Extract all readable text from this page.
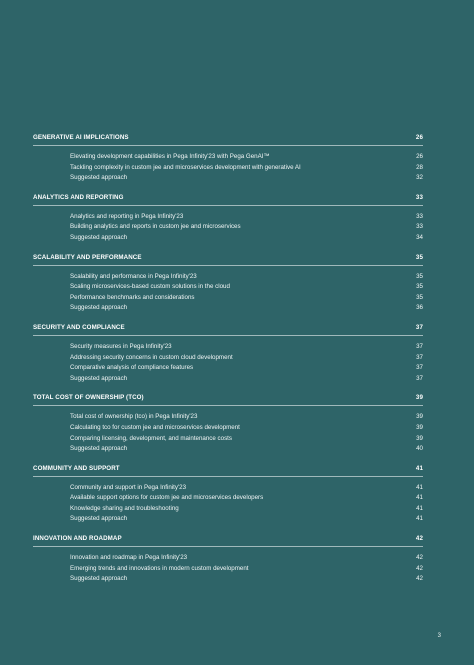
GENERATIVE AI IMPLICATIONS	26
Elevating development capabilities in Pega Infinity'23 with Pega GenAI™	26
Tackling complexity in custom jee and microservices development with generative AI	28
Suggested approach	32
ANALYTICS AND REPORTING	33
Analytics and reporting in Pega Infinity'23	33
Building analytics and reports in custom jee and microservices	33
Suggested approach	34
SCALABILITY AND PERFORMANCE	35
Scalability and performance in Pega Infinity'23	35
Scaling microservices-based custom solutions in the cloud	35
Performance benchmarks and considerations	35
Suggested approach	36
SECURITY AND COMPLIANCE	37
Security measures in Pega Infinity'23	37
Addressing security concerns in custom cloud development	37
Comparative analysis of compliance features	37
Suggested approach	37
TOTAL COST OF OWNERSHIP (TCO)	39
Total cost of ownership (tco) in Pega Infinity'23	39
Calculating tco for custom jee and microservices development	39
Comparing licensing, development, and maintenance costs	39
Suggested approach	40
COMMUNITY AND SUPPORT	41
Community and support in Pega Infinity'23	41
Available support options for custom jee and microservices developers	41
Knowledge sharing and troubleshooting	41
Suggested approach	41
INNOVATION AND ROADMAP	42
Innovation and roadmap in Pega Infinity'23	42
Emerging trends and innovations in modern custom development	42
Suggested approach	42
3
